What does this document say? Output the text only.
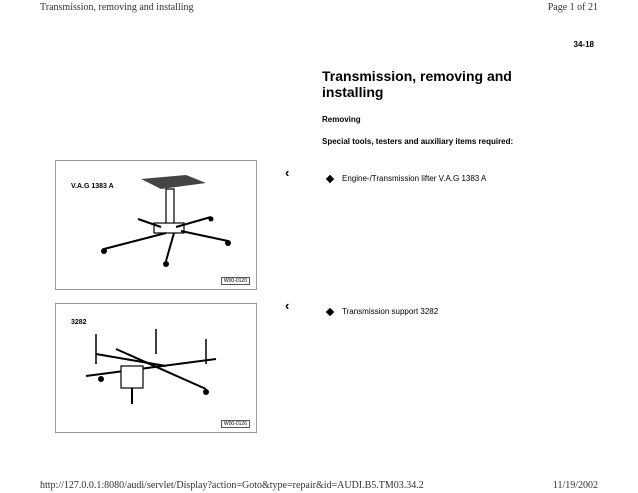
Transmission, removing and installing	Page 1 of 21
34-18
Transmission, removing and installing
Removing
Special tools, testers and auxiliary items required:
V.A.G 1383 A
W00-0120
3282
W00-0126
‹
‹
Engine-/Transmission lifter V.A.G 1383 A
Transmission support 3282
http://127.0.0.1:8080/audi/servlet/Display?action=Goto&type=repair&id=AUDI.B5.TM03.34.2	11/19/2002
